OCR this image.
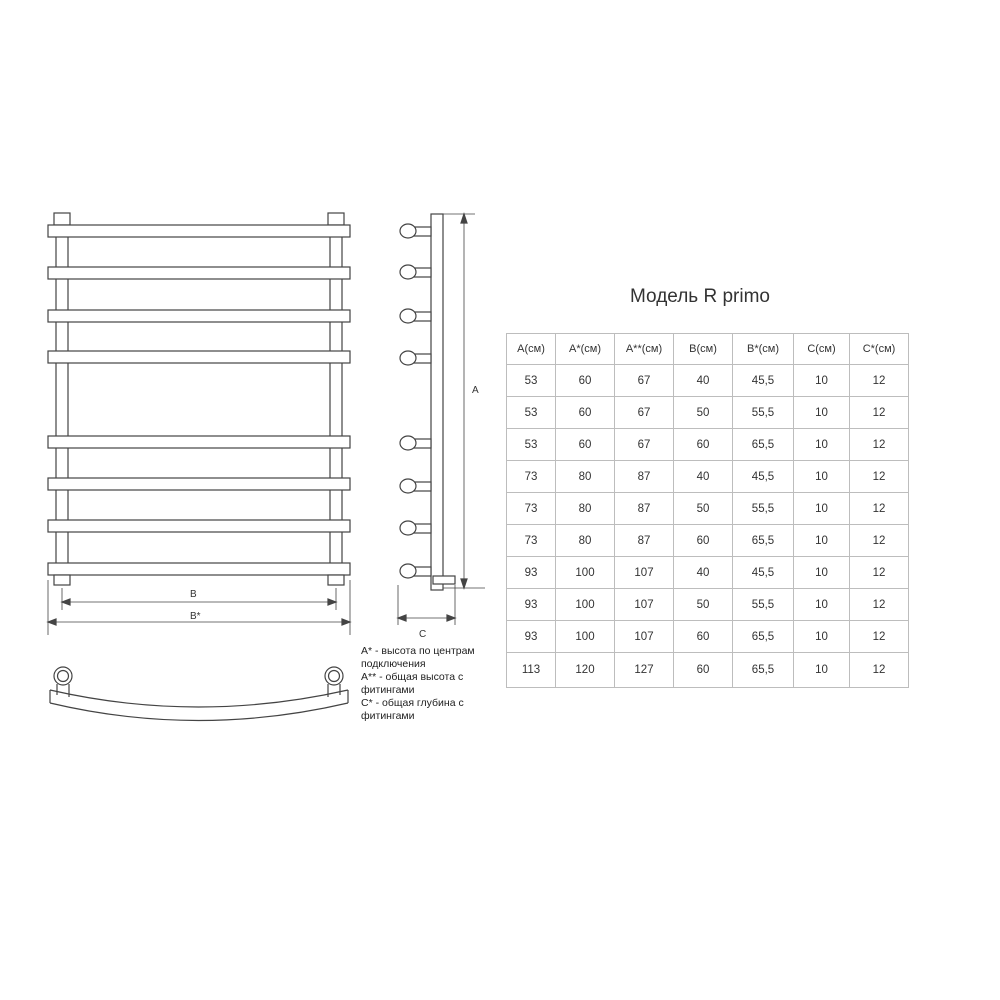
B
B*
A
C
Модель R primo
A* - высота по центрам подключения
A** - общая высота с фитингами
C* - общая глубина с фитингами
A(см)	A*(см)	A**(см)	B(см)	B*(см)	C(см)	C*(см)
53	60	67	40	45,5	10	12
53	60	67	50	55,5	10	12
53	60	67	60	65,5	10	12
73	80	87	40	45,5	10	12
73	80	87	50	55,5	10	12
73	80	87	60	65,5	10	12
93	100	107	40	45,5	10	12
93	100	107	50	55,5	10	12
93	100	107	60	65,5	10	12
113	120	127	60	65,5	10	12
